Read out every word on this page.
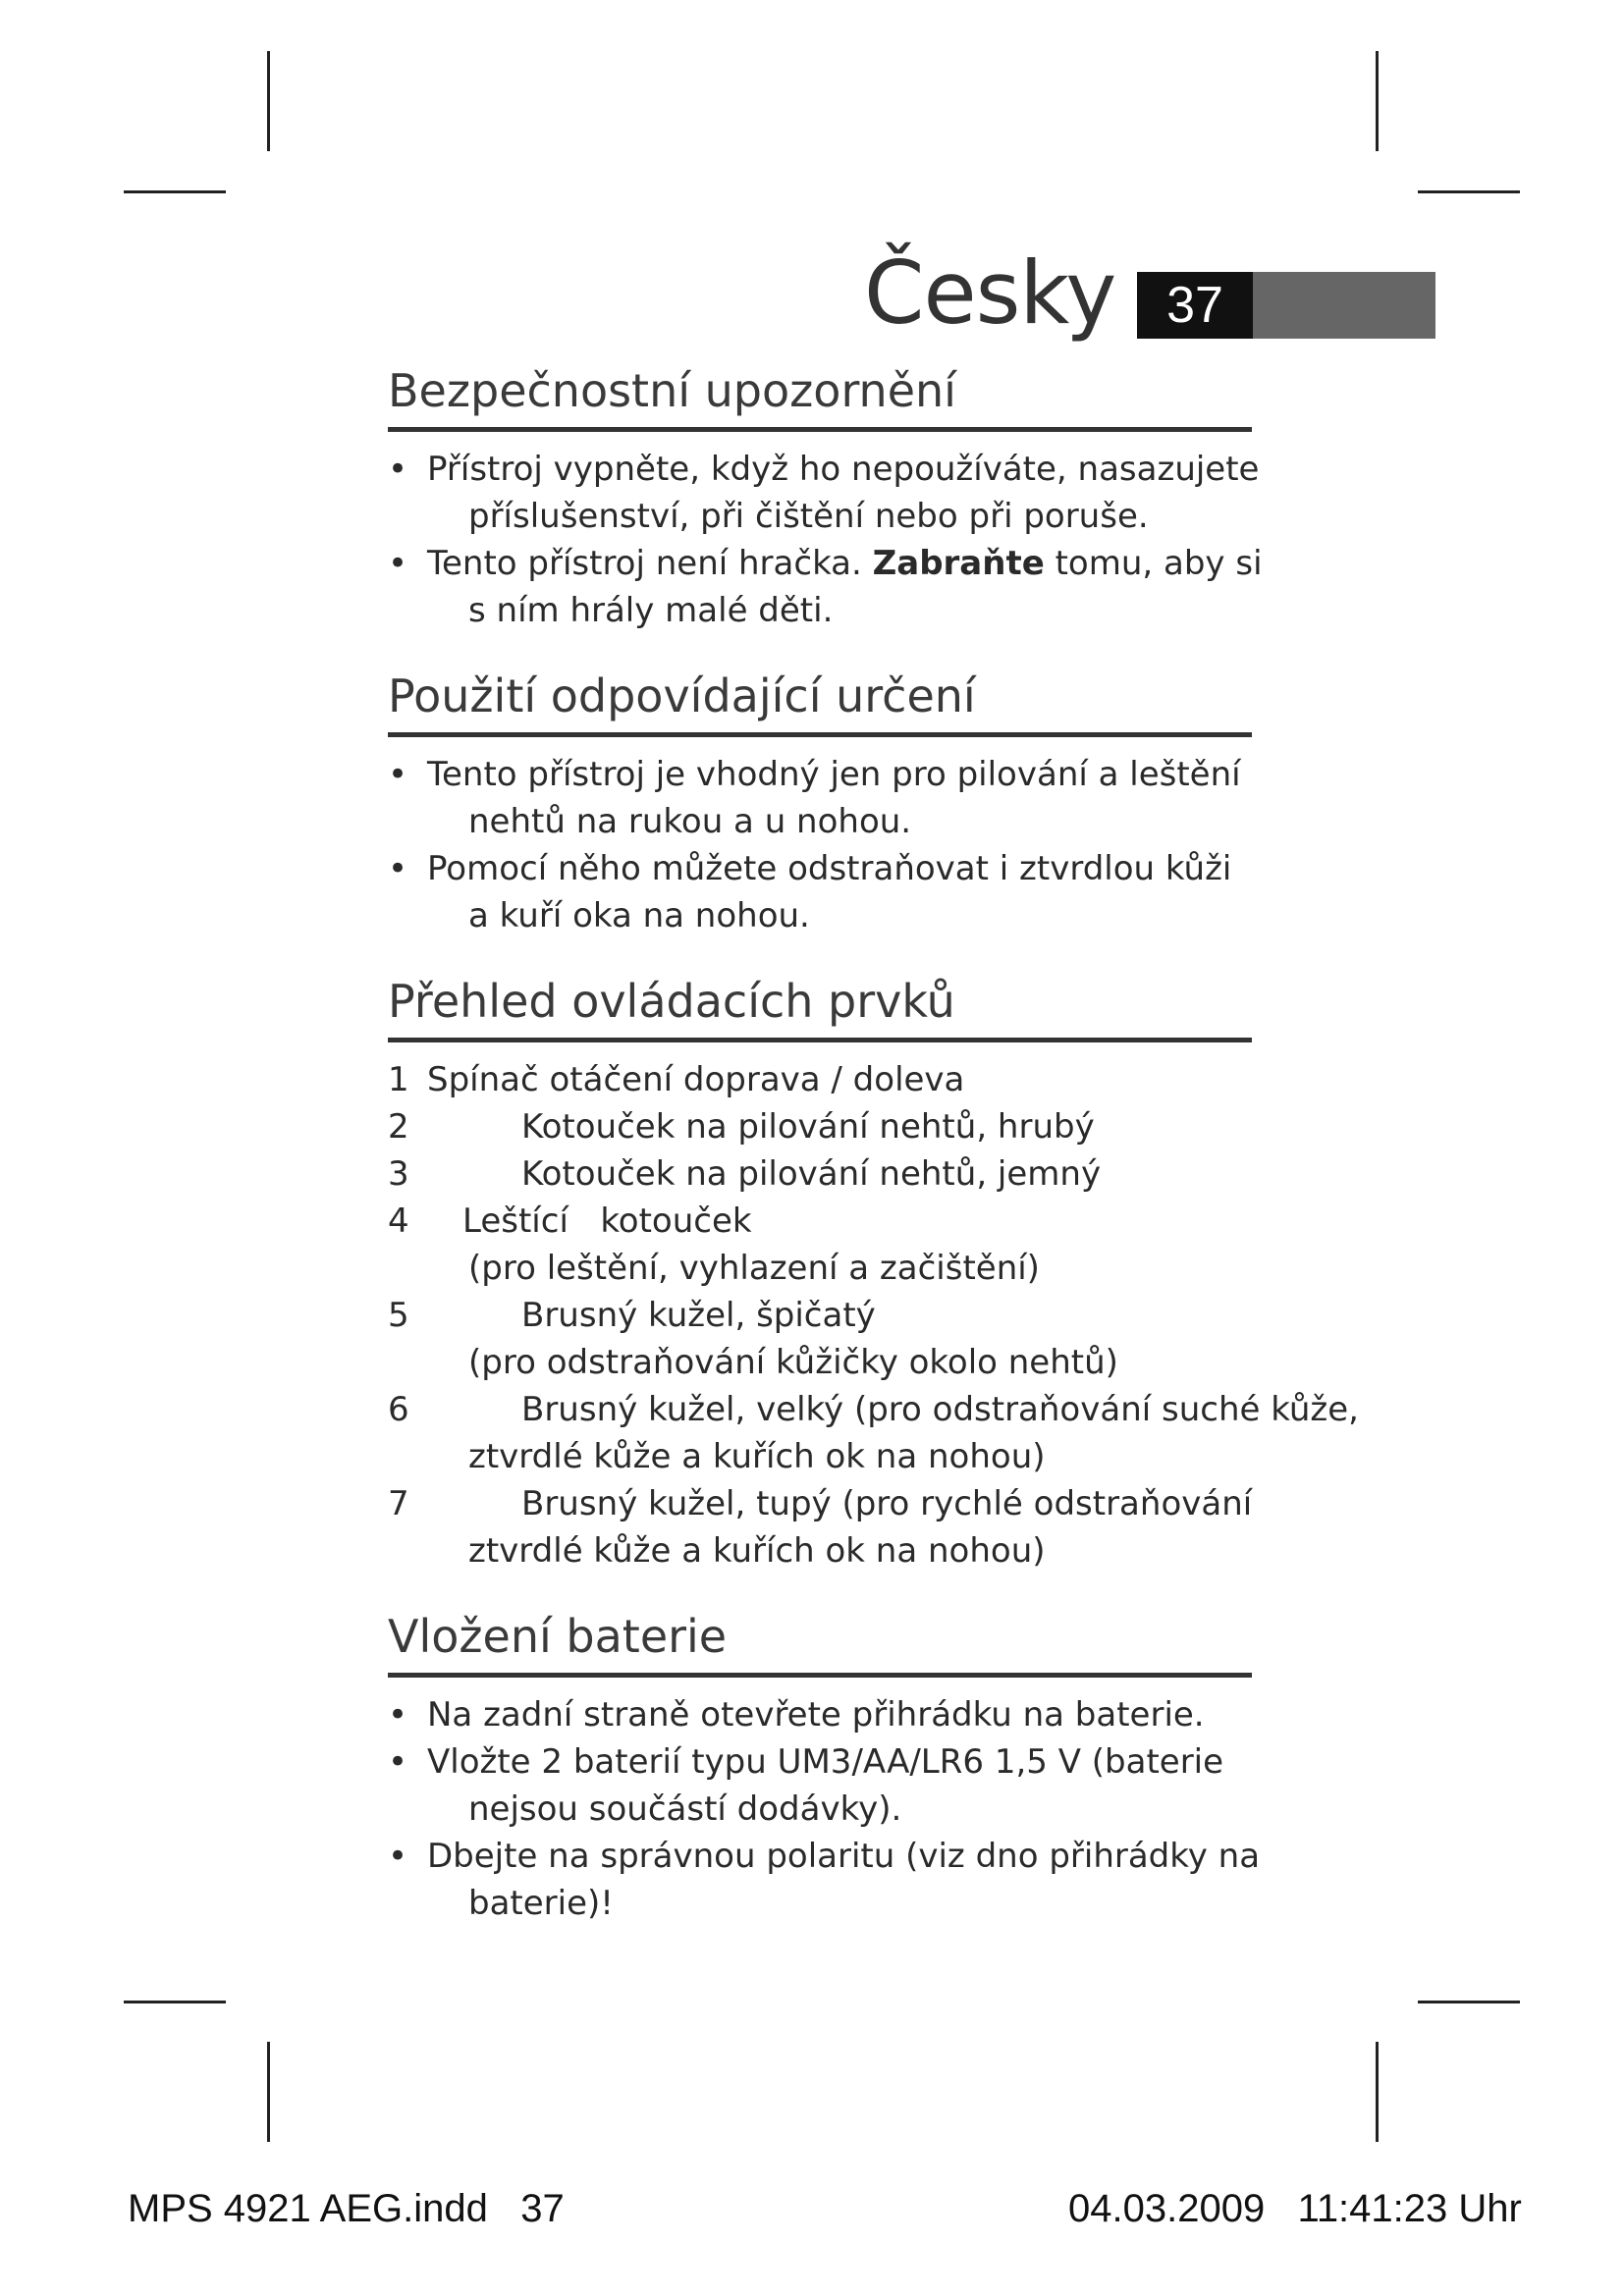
Česky 37
Bezpečnostní upozornění
• Přístroj vypněte, když ho nepoužíváte, nasazujete
příslušenství, při čištění nebo při poruše.
• Tento přístroj není hračka. Zabraňte tomu, aby si
s ním hrály malé děti.
Použití odpovídající určení
• Tento přístroj je vhodný jen pro pilování a leštění
nehtů na rukou a u nohou.
• Pomocí něho můžete odstraňovat i ztvrdlou kůži
a kuří oka na nohou.
Přehled ovládacích prvků
1 Spínač otáčení doprava / doleva
2	Kotouček na pilování nehtů, hrubý
3	Kotouček na pilování nehtů, jemný
4	Leštící   kotouček
(pro leštění, vyhlazení a začištění)
5	Brusný kužel, špičatý
(pro odstraňování kůžičky okolo nehtů)
6	Brusný kužel, velký (pro odstraňování suché kůže,
ztvrdlé kůže a kuřích ok na nohou)
7	Brusný kužel, tupý (pro rychlé odstraňování
ztvrdlé kůže a kuřích ok na nohou)
Vložení baterie
• Na zadní straně otevřete přihrádku na baterie.
• Vložte 2 baterií typu UM3/AA/LR6 1,5 V (baterie
nejsou součástí dodávky).
• Dbejte na správnou polaritu (viz dno přihrádky na
baterie)!
MPS 4921 AEG.indd   37	04.03.2009   11:41:23 Uhr
